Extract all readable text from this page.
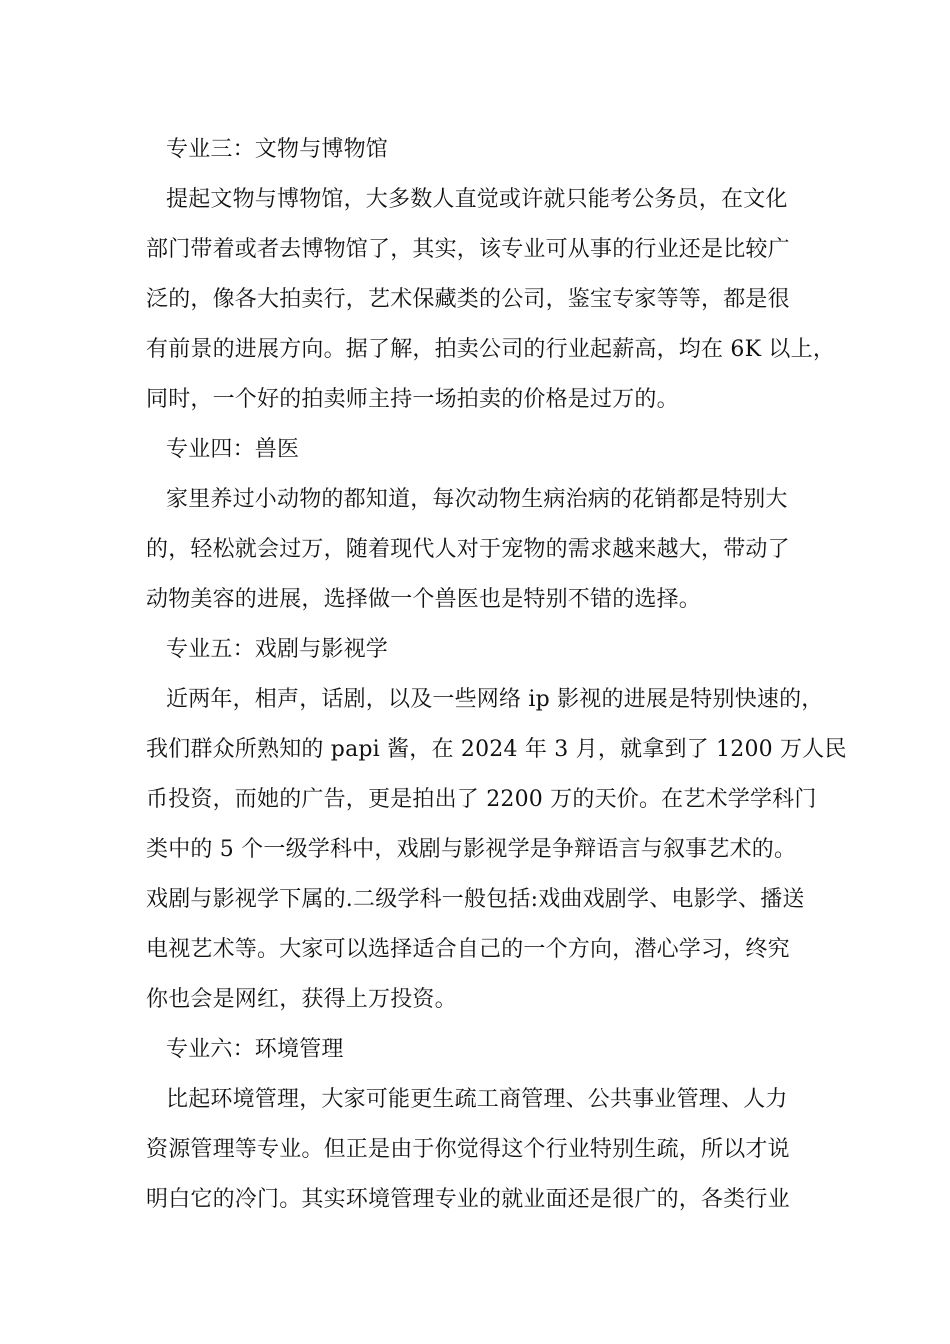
专业三：文物与博物馆
提起文物与博物馆，大多数人直觉或许就只能考公务员，在文化
部门带着或者去博物馆了，其实，该专业可从事的行业还是比较广
泛的，像各大拍卖行，艺术保藏类的公司，鉴宝专家等等，都是很
有前景的进展方向。据了解，拍卖公司的行业起薪高，均在 6K 以上，
同时，一个好的拍卖师主持一场拍卖的价格是过万的。
专业四：兽医
家里养过小动物的都知道，每次动物生病治病的花销都是特别大
的，轻松就会过万，随着现代人对于宠物的需求越来越大，带动了
动物美容的进展，选择做一个兽医也是特别不错的选择。
专业五：戏剧与影视学
近两年，相声，话剧，以及一些网络 ip 影视的进展是特别快速的，
我们群众所熟知的 papi 酱，在 2024 年 3 月，就拿到了 1200 万人民
币投资，而她的广告，更是拍出了 2200 万的天价。在艺术学学科门
类中的 5 个一级学科中，戏剧与影视学是争辩语言与叙事艺术的。
戏剧与影视学下属的.二级学科一般包括:戏曲戏剧学、电影学、播送
电视艺术等。大家可以选择适合自己的一个方向，潜心学习，终究
你也会是网红，获得上万投资。
专业六：环境管理
比起环境管理，大家可能更生疏工商管理、公共事业管理、人力
资源管理等专业。但正是由于你觉得这个行业特别生疏，所以才说
明白它的冷门。其实环境管理专业的就业面还是很广的，各类行业
